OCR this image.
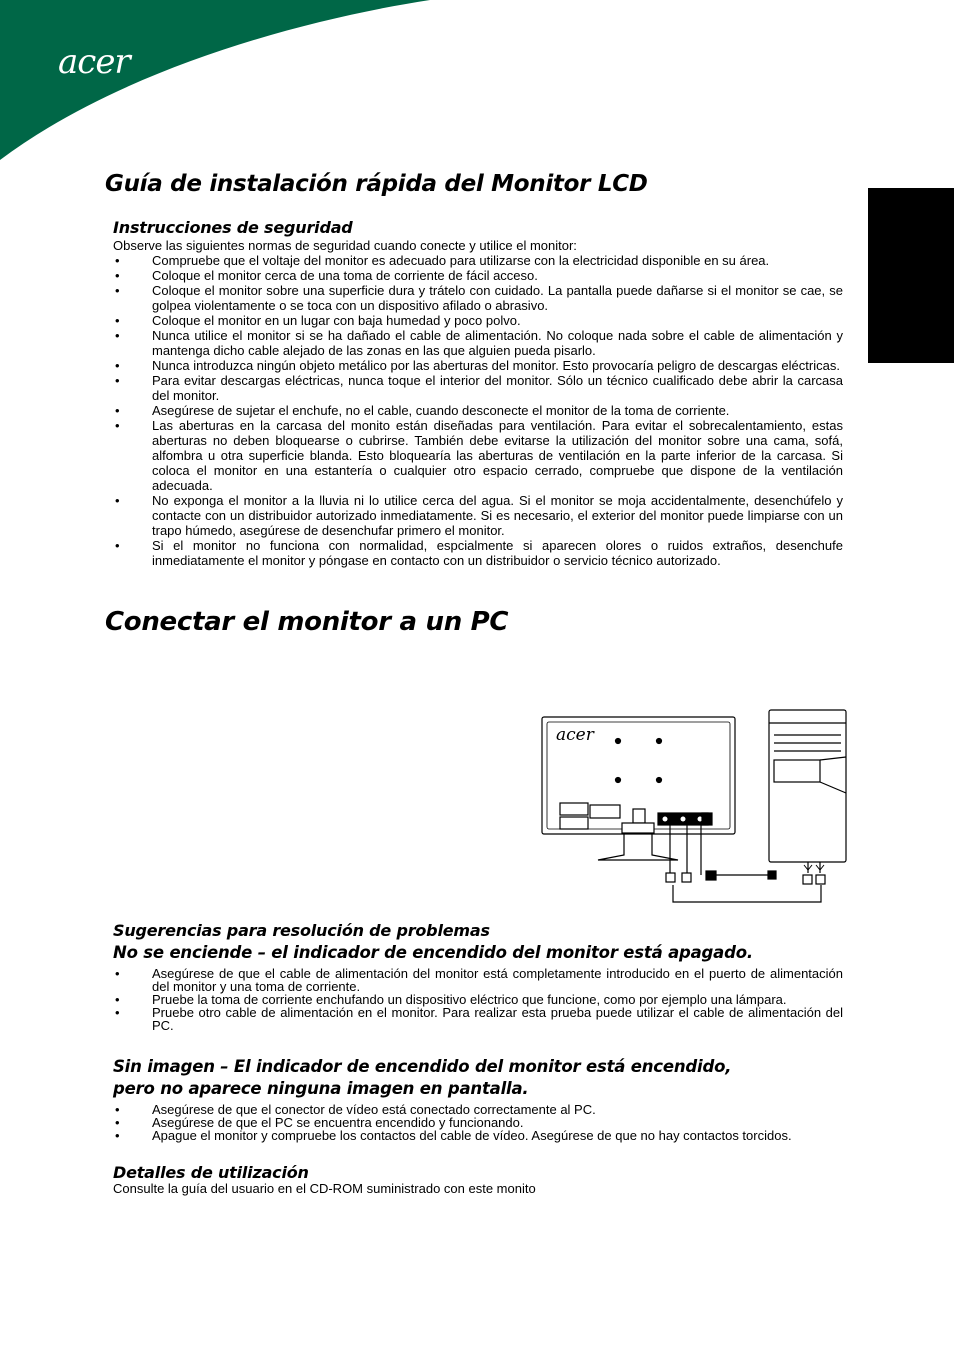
acer
Guía de instalación rápida del Monitor LCD
Instrucciones de seguridad

Observe las siguientes normas de seguridad cuando conecte y utilice el monitor:

• Compruebe que el voltaje del monitor es adecuado para utilizarse con la electricidad disponible en su área.
• Coloque el monitor cerca de una toma de corriente de fácil acceso.
• Coloque el monitor sobre una superficie dura y trátelo con cuidado. La pantalla puede dañarse si el monitor se cae, se golpea violentamente o se toca con un dispositivo afilado o abrasivo.
• Coloque el monitor en un lugar con baja humedad y poco polvo.
• Nunca utilice el monitor si se ha dañado el cable de alimentación. No coloque nada sobre el cable de alimentación y mantenga dicho cable alejado de las zonas en las que alguien pueda pisarlo.
• Nunca introduzca ningún objeto metálico por las aberturas del monitor. Esto provocaría peligro de descargas eléctricas.
• Para evitar descargas eléctricas, nunca toque el interior del monitor. Sólo un técnico cualificado debe abrir la carcasa del monitor.
• Asegúrese de sujetar el enchufe, no el cable, cuando desconecte el monitor de la toma de corriente.
• Las aberturas en la carcasa del monito están diseñadas para ventilación. Para evitar el sobrecalentamiento, estas aberturas no deben bloquearse o cubrirse. También debe evitarse la utilización del monitor sobre una cama, sofá, alfombra u otra superficie blanda. Esto bloquearía las aberturas de ventilación en la parte inferior de la carcasa. Si coloca el monitor en una estantería o cualquier otro espacio cerrado, compruebe que dispone de la ventilación adecuada.
• No exponga el monitor a la lluvia ni lo utilice cerca del agua. Si el monitor se moja accidentalmente, desenchúfelo y contacte con un distribuidor autorizado inmediatamente. Si es necesario, el exterior del monitor puede limpiarse con un trapo húmedo, asegúrese de desenchufar primero el monitor.
• Si el monitor no funciona con normalidad, espcialmente si aparecen olores o ruidos extraños, desenchufe inmediatamente el monitor y póngase en contacto con un distribuidor o servicio técnico autorizado.
Conectar el monitor a un PC
acer
Sugerencias para resolución de problemas
No se enciende – el indicador de encendido del monitor está apagado.
• Asegúrese de que el cable de alimentación del monitor está completamente introducido en el puerto de alimentación del monitor y una toma de corriente.
• Pruebe la toma de corriente enchufando un dispositivo eléctrico que funcione, como por ejemplo una lámpara.
• Pruebe otro cable de alimentación en el monitor. Para realizar esta prueba puede utilizar el cable de alimentación del PC.
Sin imagen – El indicador de encendido del monitor está encendido,
pero no aparece ninguna imagen en pantalla.
• Asegúrese de que el conector de vídeo está conectado correctamente al PC.
• Asegúrese de que el PC se encuentra encendido y funcionando.
• Apague el monitor y compruebe los contactos del cable de vídeo. Asegúrese de que no hay contactos torcidos.
Detalles de utilización

Consulte la guía del usuario en el CD-ROM suministrado con este monito
